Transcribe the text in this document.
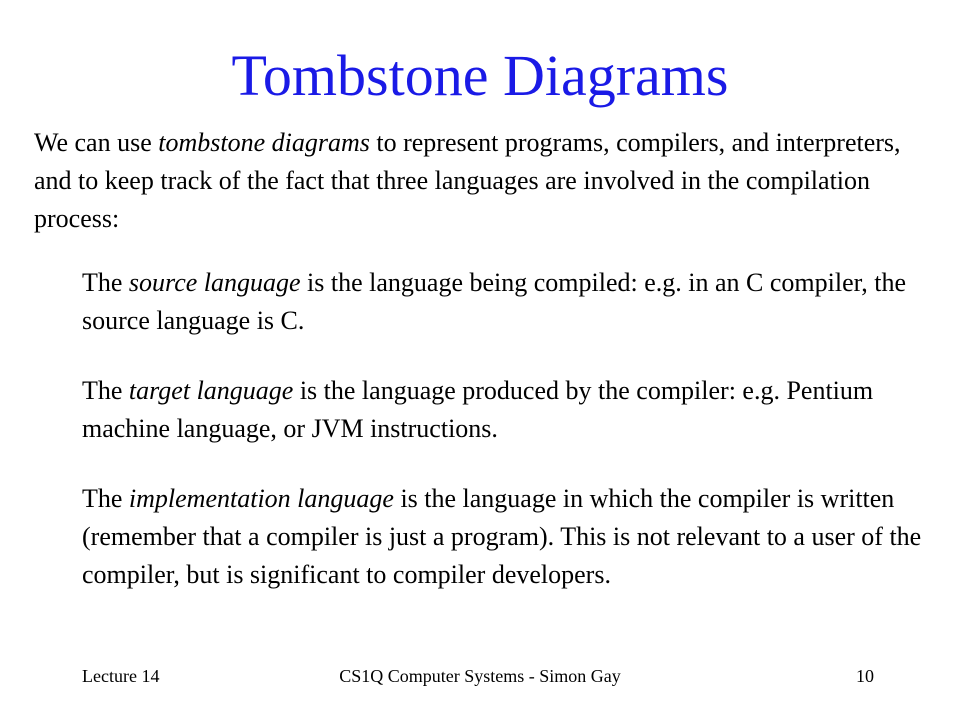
Tombstone Diagrams

We can use tombstone diagrams to represent programs, compilers, and interpreters, and to keep track of the fact that three languages are involved in the compilation process:

The source language is the language being compiled: e.g. in an C compiler, the source language is C.

The target language is the language produced by the compiler: e.g. Pentium machine language, or JVM instructions.

The implementation language is the language in which the compiler is written (remember that a compiler is just a program). This is not relevant to a user of the compiler, but is significant to compiler developers.

Lecture 14	CS1Q Computer Systems - Simon Gay	10
